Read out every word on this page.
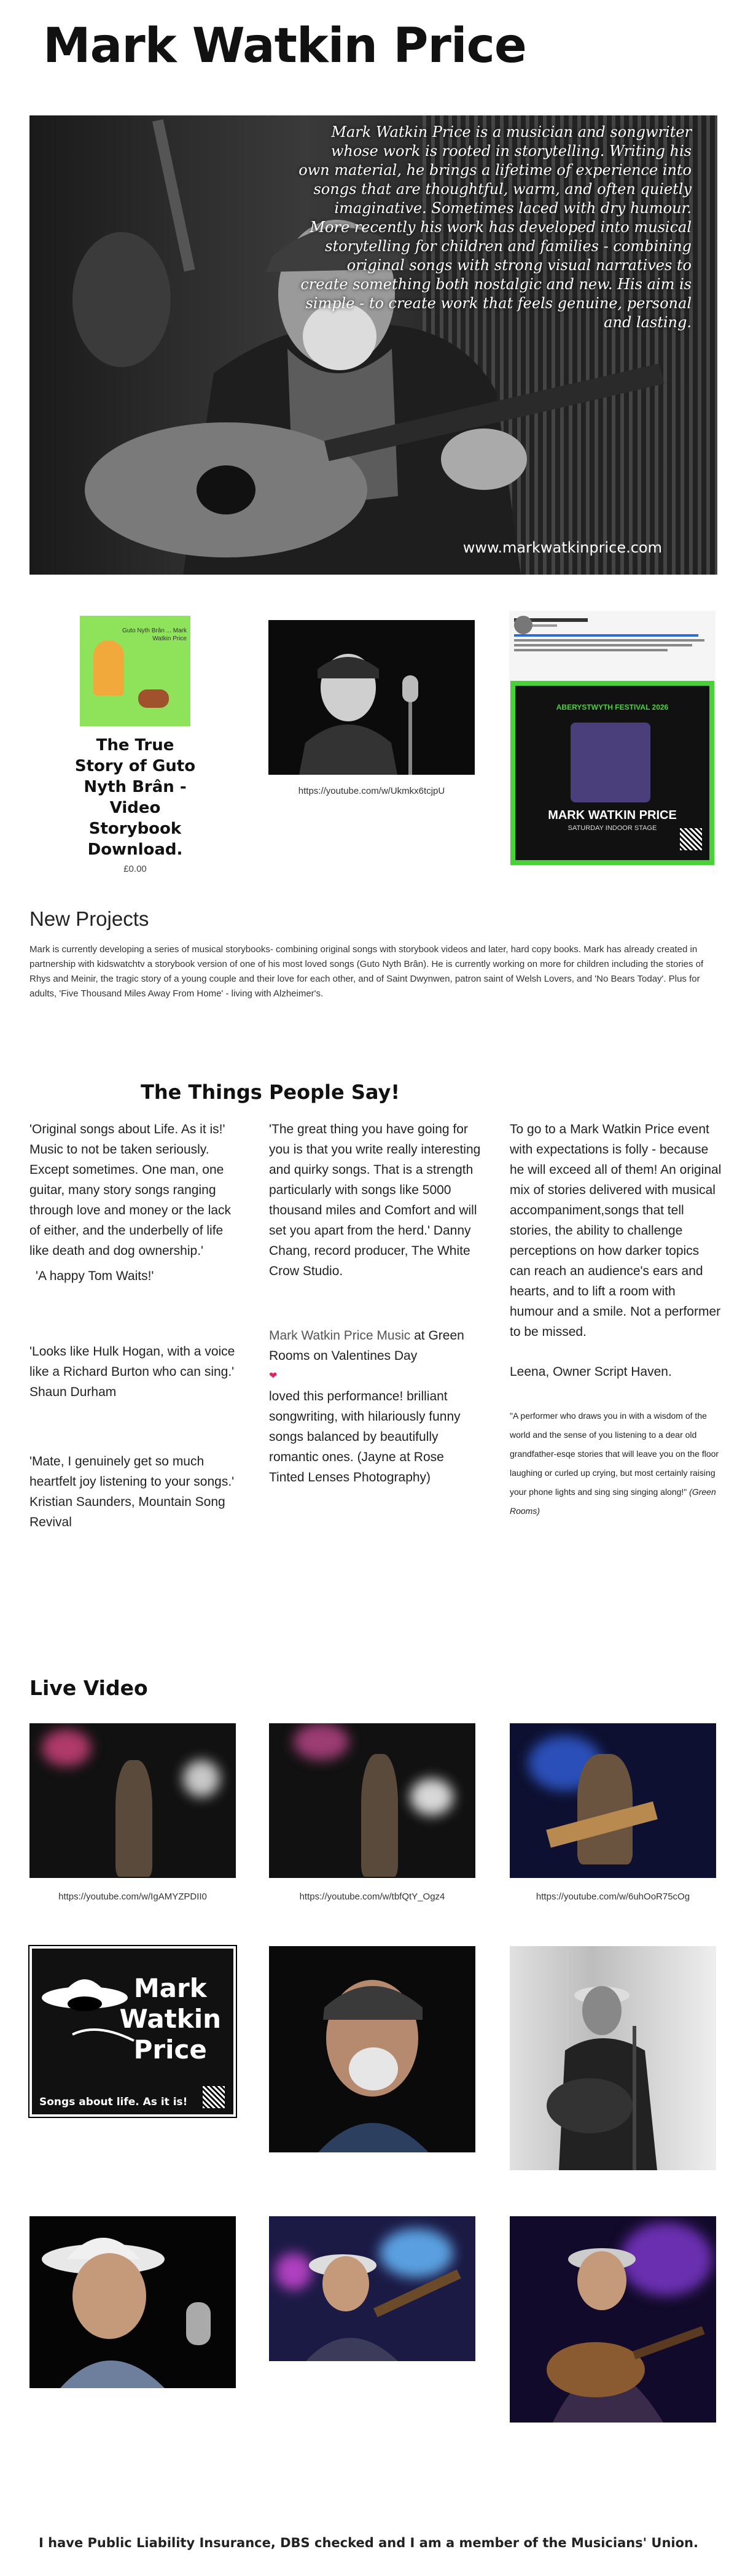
Mark Watkin Price
Mark Watkin Price is a musician and songwriter whose work is rooted in storytelling. Writing his own material, he brings a lifetime of experience into songs that are thoughtful, warm, and often quietly imaginative. Sometimes laced with dry humour. More recently his work has developed into musical storytelling for children and families - combining original songs with strong visual narratives to create something both nostalgic and new. His aim is simple - to create work that feels genuine, personal and lasting.
www.markwatkinprice.com
Guto Nyth Brân ... Mark Watkin Price
The True Story of Guto Nyth Brân - Video Storybook Download.
£0.00
https://youtube.com/w/Ukmkx6tcjpU
ABERYSTWYTH FESTIVAL 2026
MARK WATKIN PRICE
SATURDAY INDOOR STAGE
New Projects

Mark is currently developing a series of musical storybooks- combining original songs with storybook videos and later, hard copy books. Mark has already created in partnership with kidswatchtv a storybook version of one of his most loved songs (Guto Nyth Brân). He is currently working on more for children including the stories of Rhys and Meinir, the tragic story of a young couple and their love for each other, and of Saint Dwynwen, patron saint of Welsh Lovers, and 'No Bears Today'. Plus for adults, 'Five Thousand Miles Away From Home' - living with Alzheimer's.

The Things People Say!

'Original songs about Life. As it is!' Music to not be taken seriously. Except sometimes. One man, one guitar, many story songs ranging through love and money or the lack of either, and the underbelly of life like death and dog ownership.'

'A happy Tom Waits!'

'Looks like Hulk Hogan, with a voice like a Richard Burton who can sing.'

Shaun Durham

'Mate, I genuinely get so much heartfelt joy listening to your songs.' Kristian Saunders, Mountain Song Revival

'The great thing you have going for you is that you write really interesting and quirky songs. That is a strength particularly with songs like 5000 thousand miles and Comfort and will set you apart from the herd.' Danny Chang, record producer, The White Crow Studio.

Mark Watkin Price Music at Green Rooms on Valentines Day

❤

loved this performance! brilliant songwriting, with hilariously funny songs balanced by beautifully romantic ones. (Jayne at Rose Tinted Lenses Photography)

To go to a Mark Watkin Price event with expectations is folly - because he will exceed all of them! An original mix of stories delivered with musical accompaniment,songs that tell stories, the ability to challenge perceptions on how darker topics can reach an audience's ears and hearts, and to lift a room with humour and a smile. Not a performer to be missed.

Leena, Owner Script Haven.

"A performer who draws you in with a wisdom of the world and the sense of you listening to a dear old grandfather-esqe stories that will leave you on the floor laughing or curled up crying, but most certainly raising your phone lights and sing sing singing along!" (Green Rooms)

Live Video
https://youtube.com/w/IgAMYZPDII0	https://youtube.com/w/tbfQtY_Ogz4	https://youtube.com/w/6uhOoR75cOg
Mark
Watkin
Price
Songs about life. As it is!

I have Public Liability Insurance, DBS checked and I am a member of the Musicians' Union.
